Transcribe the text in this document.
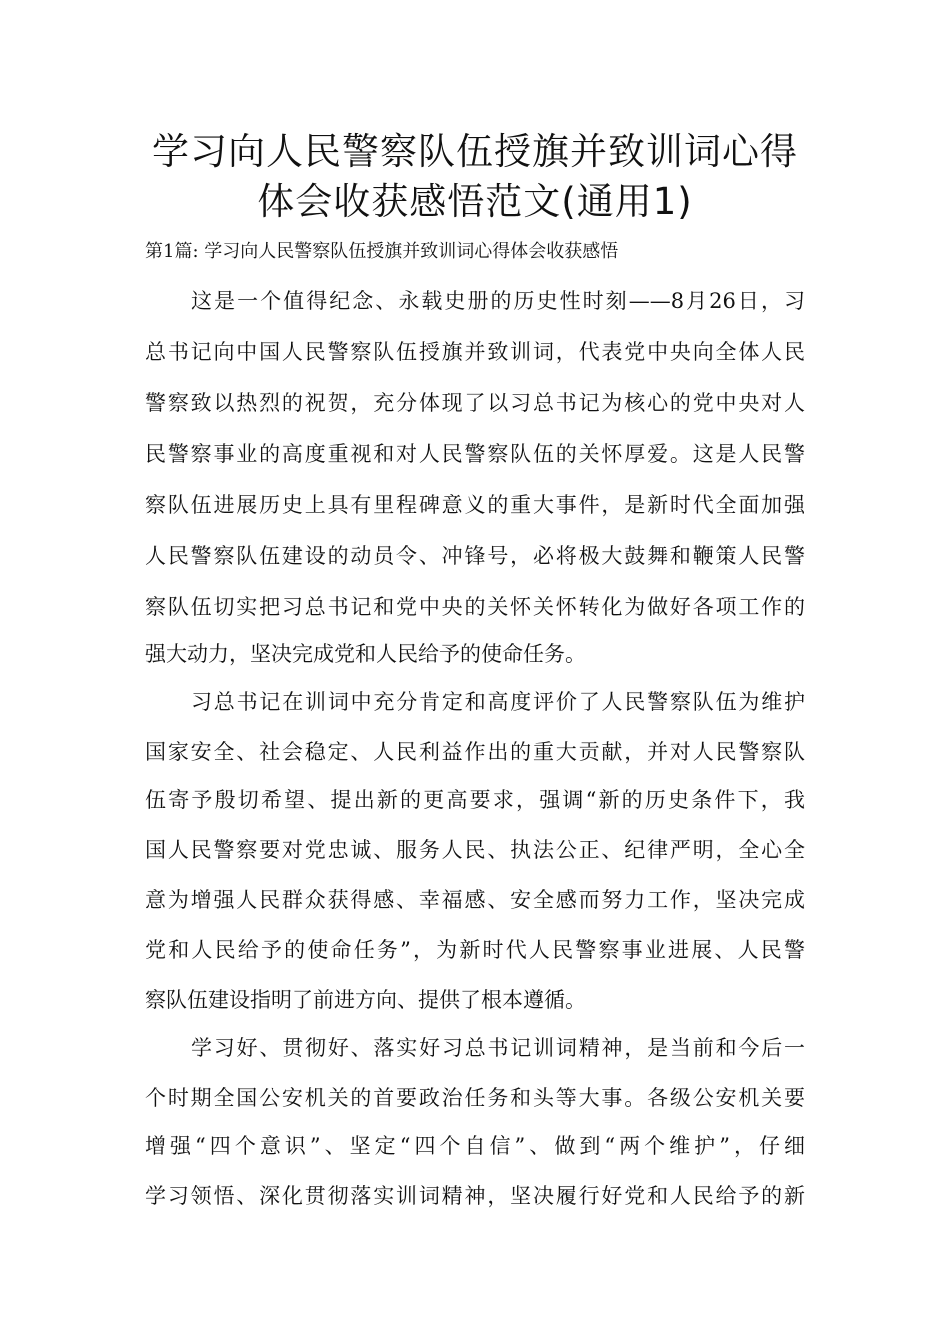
学习向人民警察队伍授旗并致训词心得
体会收获感悟范文(通用1)
第1篇: 学习向人民警察队伍授旗并致训词心得体会收获感悟
这是一个值得纪念、永载史册的历史性时刻——8月26日，习
总书记向中国人民警察队伍授旗并致训词，代表党中央向全体人民
警察致以热烈的祝贺，充分体现了以习总书记为核心的党中央对人
民警察事业的高度重视和对人民警察队伍的关怀厚爱。这是人民警
察队伍进展历史上具有里程碑意义的重大事件，是新时代全面加强
人民警察队伍建设的动员令、冲锋号，必将极大鼓舞和鞭策人民警
察队伍切实把习总书记和党中央的关怀关怀转化为做好各项工作的
强大动力，坚决完成党和人民给予的使命任务。
习总书记在训词中充分肯定和高度评价了人民警察队伍为维护
国家安全、社会稳定、人民利益作出的重大贡献，并对人民警察队
伍寄予殷切希望、提出新的更高要求，强调“新的历史条件下，我
国人民警察要对党忠诚、服务人民、执法公正、纪律严明，全心全
意为增强人民群众获得感、幸福感、安全感而努力工作，坚决完成
党和人民给予的使命任务”，为新时代人民警察事业进展、人民警
察队伍建设指明了前进方向、提供了根本遵循。
学习好、贯彻好、落实好习总书记训词精神，是当前和今后一
个时期全国公安机关的首要政治任务和头等大事。各级公安机关要
增强“四个意识”、坚定“四个自信”、做到“两个维护”，仔细
学习领悟、深化贯彻落实训词精神，坚决履行好党和人民给予的新
